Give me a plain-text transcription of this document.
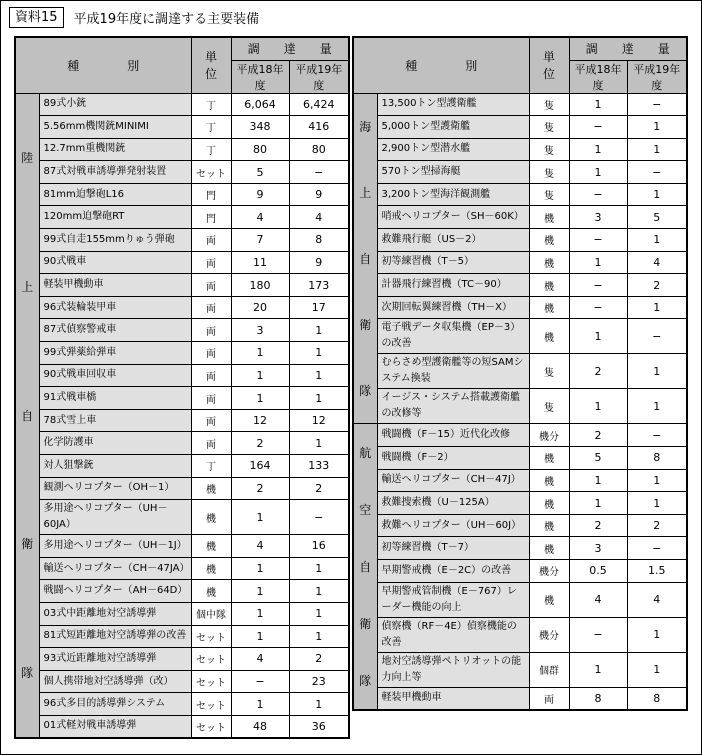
資料15	平成19年度に調達する主要装備
種　　　　別		単　位	調　　達　　量	
			平成18年度	平成19年度

陸
上
自
衛
隊	89式小銃	丁	6,064	6,424
	5.56mm機関銃MINIMI	丁	348	416
	12.7mm重機関銃	丁	80	80
	87式対戦車誘導弾発射装置	セット	5	−
	81mm迫撃砲L16	門	9	9
	120mm迫撃砲RT	門	4	4
	99式自走155mmりゅう弾砲	両	7	8
	90式戦車	両	11	9
	軽装甲機動車	両	180	173
	96式装輪装甲車	両	20	17
	87式偵察警戒車	両	3	1
	99式弾薬給弾車	両	1	1
	90式戦車回収車	両	1	1
	91式戦車橋	両	1	1
	78式雪上車	両	12	12
	化学防護車	両	2	1
	対人狙撃銃	丁	164	133
	観測ヘリコプター（OH－1）	機	2	2
	多用途ヘリコプター（UH－60JA）	機	1	−
	多用途ヘリコプター（UH－1J）	機	4	16
	輸送ヘリコプター（CH－47JA）	機	1	1
	戦闘ヘリコプター（AH－64D）	機	1	1
	03式中距離地対空誘導弾	個中隊	1	1
	81式短距離地対空誘導弾の改善	セット	1	1
	93式近距離地対空誘導弾	セット	4	2
	個人携帯地対空誘導弾（改）	セット	−	23
	96式多目的誘導弾システム	セット	1	1
	01式軽対戦車誘導弾	セット	48	36
種　　　　別		単　位	調　　達　　量	
			平成18年度	平成19年度

海
上
自
衛
隊	13,500トン型護衛艦	隻	1	−
	5,000トン型護衛艦	隻	−	1
	2,900トン型潜水艦	隻	1	1
	570トン型掃海艇	隻	1	−
	3,200トン型海洋観測艦	隻	−	1
	哨戒ヘリコプター（SH－60K）	機	3	5
	救難飛行艇（US－2）	機	−	1
	初等練習機（T－5）	機	1	4
	計器飛行練習機（TC－90）	機	−	2
	次期回転翼練習機（TH－X）	機	−	1
	電子戦データ収集機（EP－3）の改善	機	1	−
	むらさめ型護衛艦等の短SAMシステム換装	隻	2	1
	イージス・システム搭載護衛艦の改修等	隻	1	1

航
空
自
衛
隊	戦闘機（F－15）近代化改修	機分	2	−
	戦闘機（F－2）	機	5	8
	輸送ヘリコプター（CH－47J）	機	1	1
	救難捜索機（U－125A）	機	1	1
	救難ヘリコプター（UH－60J）	機	2	2
	初等練習機（T－7）	機	3	−
	早期警戒機（E－2C）の改善	機分	0.5	1.5
	早期警戒管制機（E－767）レーダー機能の向上	機	4	4
	偵察機（RF－4E）偵察機能の改善	機分	−	1
	地対空誘導弾ペトリオットの能力向上等	個群	1	1
	軽装甲機動車	両	8	8
